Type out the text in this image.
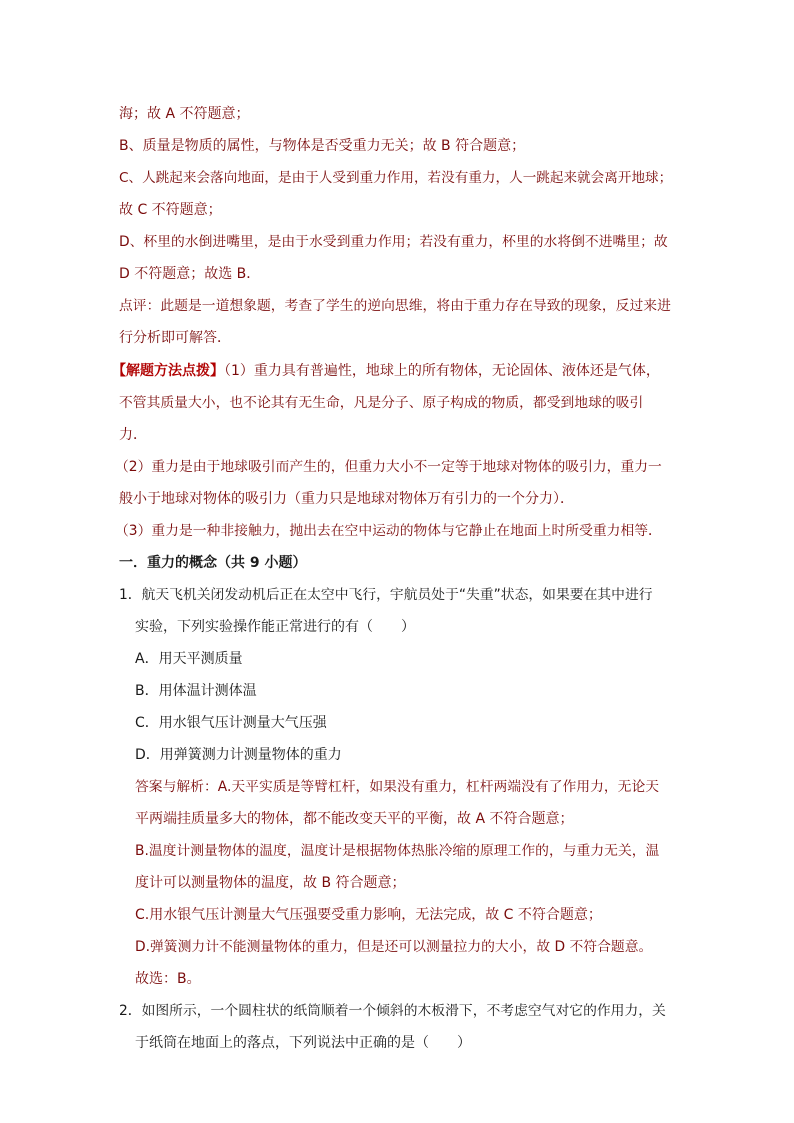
海；故 A 不符题意；
B、质量是物质的属性，与物体是否受重力无关；故 B 符合题意；
C、人跳起来会落向地面，是由于人受到重力作用，若没有重力，人一跳起来就会离开地球；
故 C 不符题意；
D、杯里的水倒进嘴里，是由于水受到重力作用；若没有重力，杯里的水将倒不进嘴里；故
D 不符题意；故选 B．
点评：此题是一道想象题，考查了学生的逆向思维，将由于重力存在导致的现象，反过来进
行分析即可解答．
【解题方法点拨】（1）重力具有普遍性，地球上的所有物体，无论固体、液体还是气体，
不管其质量大小，也不论其有无生命，凡是分子、原子构成的物质，都受到地球的吸引
力．
（2）重力是由于地球吸引而产生的，但重力大小不一定等于地球对物体的吸引力，重力一
般小于地球对物体的吸引力（重力只是地球对物体万有引力的一个分力）．
（3）重力是一种非接触力，抛出去在空中运动的物体与它静止在地面上时所受重力相等．
一．重力的概念（共 9 小题）
1．航天飞机关闭发动机后正在太空中飞行，宇航员处于“失重”状态，如果要在其中进行
实验，下列实验操作能正常进行的有（　　）
A．用天平测质量
B．用体温计测体温
C．用水银气压计测量大气压强
D．用弹簧测力计测量物体的重力
答案与解析：A.天平实质是等臂杠杆，如果没有重力，杠杆两端没有了作用力，无论天
平两端挂质量多大的物体，都不能改变天平的平衡，故 A 不符合题意；
B.温度计测量物体的温度，温度计是根据物体热胀冷缩的原理工作的，与重力无关，温
度计可以测量物体的温度，故 B 符合题意；
C.用水银气压计测量大气压强要受重力影响，无法完成，故 C 不符合题意；
D.弹簧测力计不能测量物体的重力，但是还可以测量拉力的大小，故 D 不符合题意。
故选：B。
2．如图所示，一个圆柱状的纸筒顺着一个倾斜的木板滑下，不考虑空气对它的作用力，关
于纸筒在地面上的落点，下列说法中正确的是（　　）
